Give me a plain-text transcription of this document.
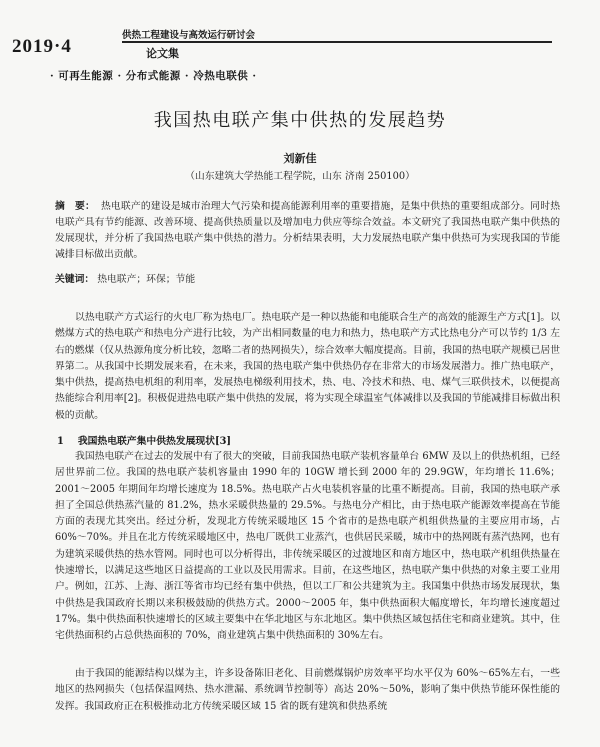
2019·4
供热工程建设与高效运行研讨会
论文集
· 可再生能源 · 分布式能源 · 冷热电联供 ·
我国热电联产集中供热的发展趋势
刘新佳
（山东建筑大学热能工程学院，山东 济南 250100）
摘　要： 热电联产的建设是城市治理大气污染和提高能源利用率的重要措施，是集中供热的重要组成部分。同时热电联产具有节约能源、改善环境、提高供热质量以及增加电力供应等综合效益。本文研究了我国热电联产集中供热的发展现状，并分析了我国热电联产集中供热的潜力。分析结果表明，大力发展热电联产集中供热可为实现我国的节能减排目标做出贡献。
关键词： 热电联产；环保；节能
以热电联产方式运行的火电厂称为热电厂。热电联产是一种以热能和电能联合生产的高效的能源生产方式[1]。以燃煤方式的热电联产和热电分产进行比较，为产出相同数量的电力和热力，热电联产方式比热电分产可以节约 1/3 左右的燃煤（仅从热源角度分析比较，忽略二者的热网损失），综合效率大幅度提高。目前，我国的热电联产规模已居世界第二。从我国中长期发展来看，在未来，我国的热电联产集中供热仍存在非常大的市场发展潜力。推广热电联产，集中供热，提高热电机组的利用率，发展热电梯级利用技术，热、电、冷技术和热、电、煤气三联供技术，以便提高热能综合利用率[2]。积极促进热电联产集中供热的发展，将为实现全球温室气体减排以及我国的节能减排目标做出积极的贡献。
1 我国热电联产集中供热发展现状[3]
我国热电联产在过去的发展中有了很大的突破，目前我国热电联产装机容量单台 6MW 及以上的供热机组，已经居世界前二位。我国的热电联产装机容量由 1990 年的 10GW 增长到 2000 年的 29.9GW，年均增长 11.6%；2001～2005 年期间年均增长速度为 18.5%。热电联产占火电装机容量的比重不断提高。目前，我国的热电联产承担了全国总供热蒸汽量的 81.2%，热水采暖供热量的 29.5%。与热电分产相比，由于热电联产能源效率提高在节能方面的表现尤其突出。经过分析，发现北方传统采暖地区 15 个省市的是热电联产机组供热量的主要应用市场，占 60%～70%。并且在北方传统采暖地区中，热电厂既供工业蒸汽，也供居民采暖，城市中的热网既有蒸汽热网，也有为建筑采暖供热的热水管网。同时也可以分析得出，非传统采暖区的过渡地区和南方地区中，热电联产机组供热量在快速增长，以满足这些地区日益提高的工业以及民用需求。目前，在这些地区，热电联产集中供热的对象主要工业用户。例如，江苏、上海、浙江等省市均已经有集中供热，但以工厂和公共建筑为主。我国集中供热市场发展现状，集中供热是我国政府长期以来积极鼓励的供热方式。2000～2005 年，集中供热面积大幅度增长，年均增长速度超过 17%。集中供热面积快速增长的区域主要集中在华北地区与东北地区。集中供热区域包括住宅和商业建筑。其中，住宅供热面积约占总供热面积的 70%，商业建筑占集中供热面积的 30%左右。
由于我国的能源结构以煤为主，许多设备陈旧老化、目前燃煤锅炉房效率平均水平仅为 60%～65%左右，一些地区的热网损失（包括保温网热、热水泄漏、系统调节控制等）高达 20%～50%，影响了集中供热节能环保性能的发挥。我国政府正在积极推动北方传统采暖区域 15 省的既有建筑和供热系统
